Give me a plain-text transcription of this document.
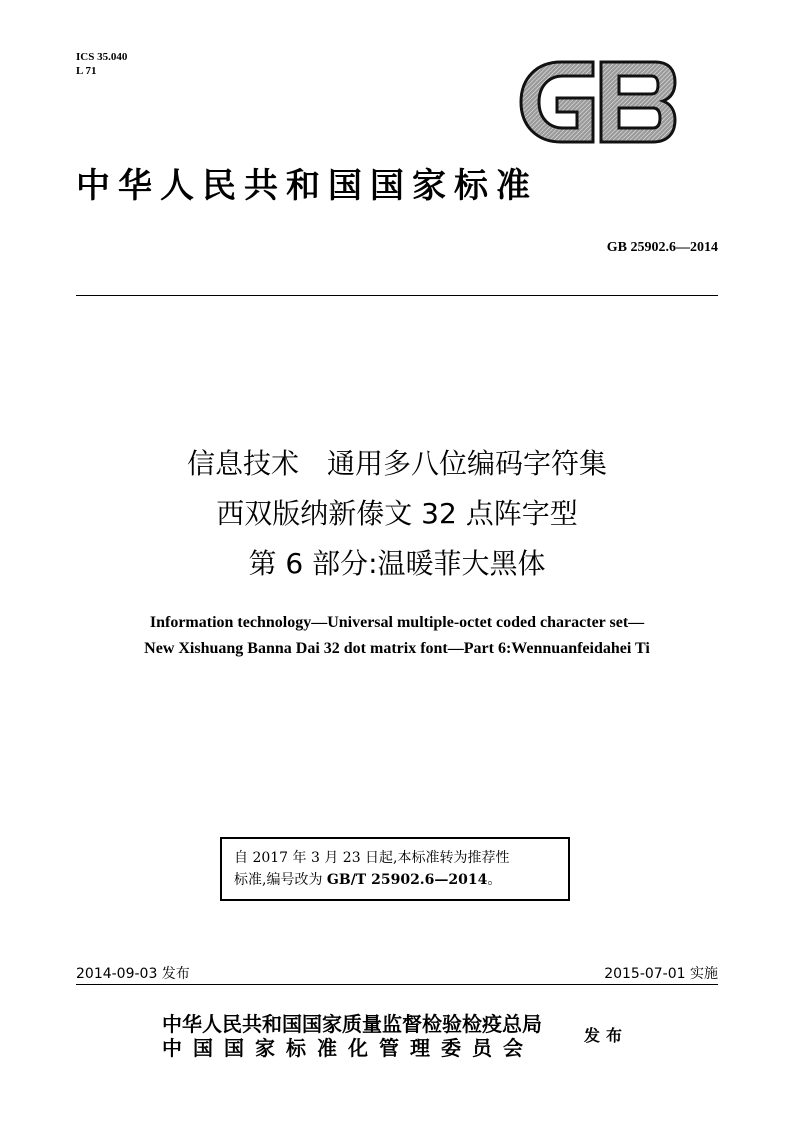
ICS 35.040
L 71
中华人民共和国国家标准
GB 25902.6—2014
信息技术　通用多八位编码字符集
西双版纳新傣文 32 点阵字型
第 6 部分:温暖菲大黑体
Information technology—Universal multiple-octet coded character set—
New Xishuang Banna Dai 32 dot matrix font—Part 6:Wennuanfeidahei Ti
自 2017 年 3 月 23 日起,本标准转为推荐性
标准,编号改为 GB/T 25902.6—2014。
2014-09-03 发布	2015-07-01 实施
中华人民共和国国家质量监督检验检疫总局
中国国家标准化管理委员会
发布
